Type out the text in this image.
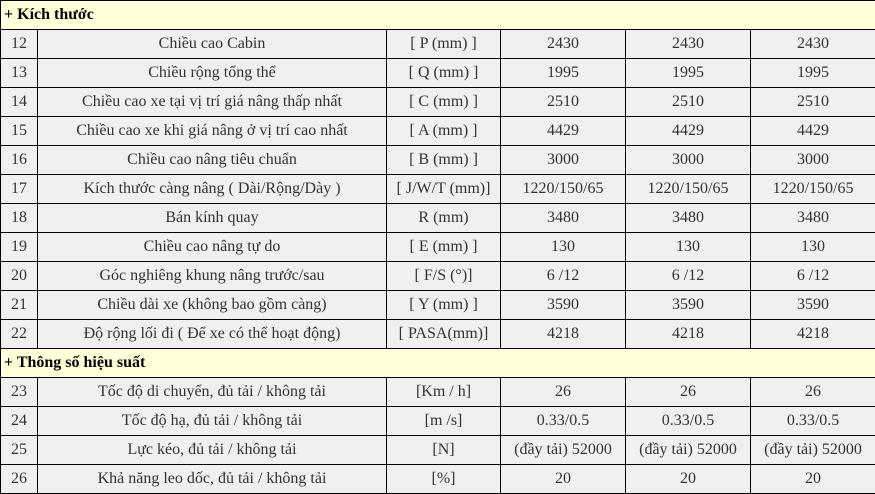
+ Kích thước					
12	Chiều cao Cabin	[ P (mm) ]	2430	2430	2430
13	Chiều rộng tổng thể	[ Q (mm) ]	1995	1995	1995
14	Chiều cao xe tại vị trí giá nâng thấp nhất	[ C (mm) ]	2510	2510	2510
15	Chiều cao xe khi giá nâng ở vị trí cao nhất	[ A (mm) ]	4429	4429	4429
16	Chiều cao nâng tiêu chuẩn	[ B (mm) ]	3000	3000	3000
17	Kích thước càng nâng ( Dài/Rộng/Dày )	[ J/W/T (mm)]	1220/150/65	1220/150/65	1220/150/65
18	Bán kính quay	R (mm)	3480	3480	3480
19	Chiều cao nâng tự do	[ E (mm) ]	130	130	130
20	Góc nghiêng khung nâng trước/sau	[ F/S (°)]	6 /12	6 /12	6 /12
21	Chiều dài xe (không bao gồm càng)	[ Y (mm) ]	3590	3590	3590
22	Độ rộng lối đi ( Để xe có thể hoạt động)	[ PASA(mm)]	4218	4218	4218
+ Thông số hiệu suất					
23	Tốc độ di chuyển, đủ tải / không tải	[Km / h]	26	26	26
24	Tốc độ hạ, đủ tải / không tải	[m /s]	0.33/0.5	0.33/0.5	0.33/0.5
25	Lực kéo, đủ tải / không tải	[N]	(đầy tải) 52000	(đầy tải) 52000	(đầy tải) 52000
26	Khả năng leo dốc, đủ tải / không tải	[%]	20	20	20
